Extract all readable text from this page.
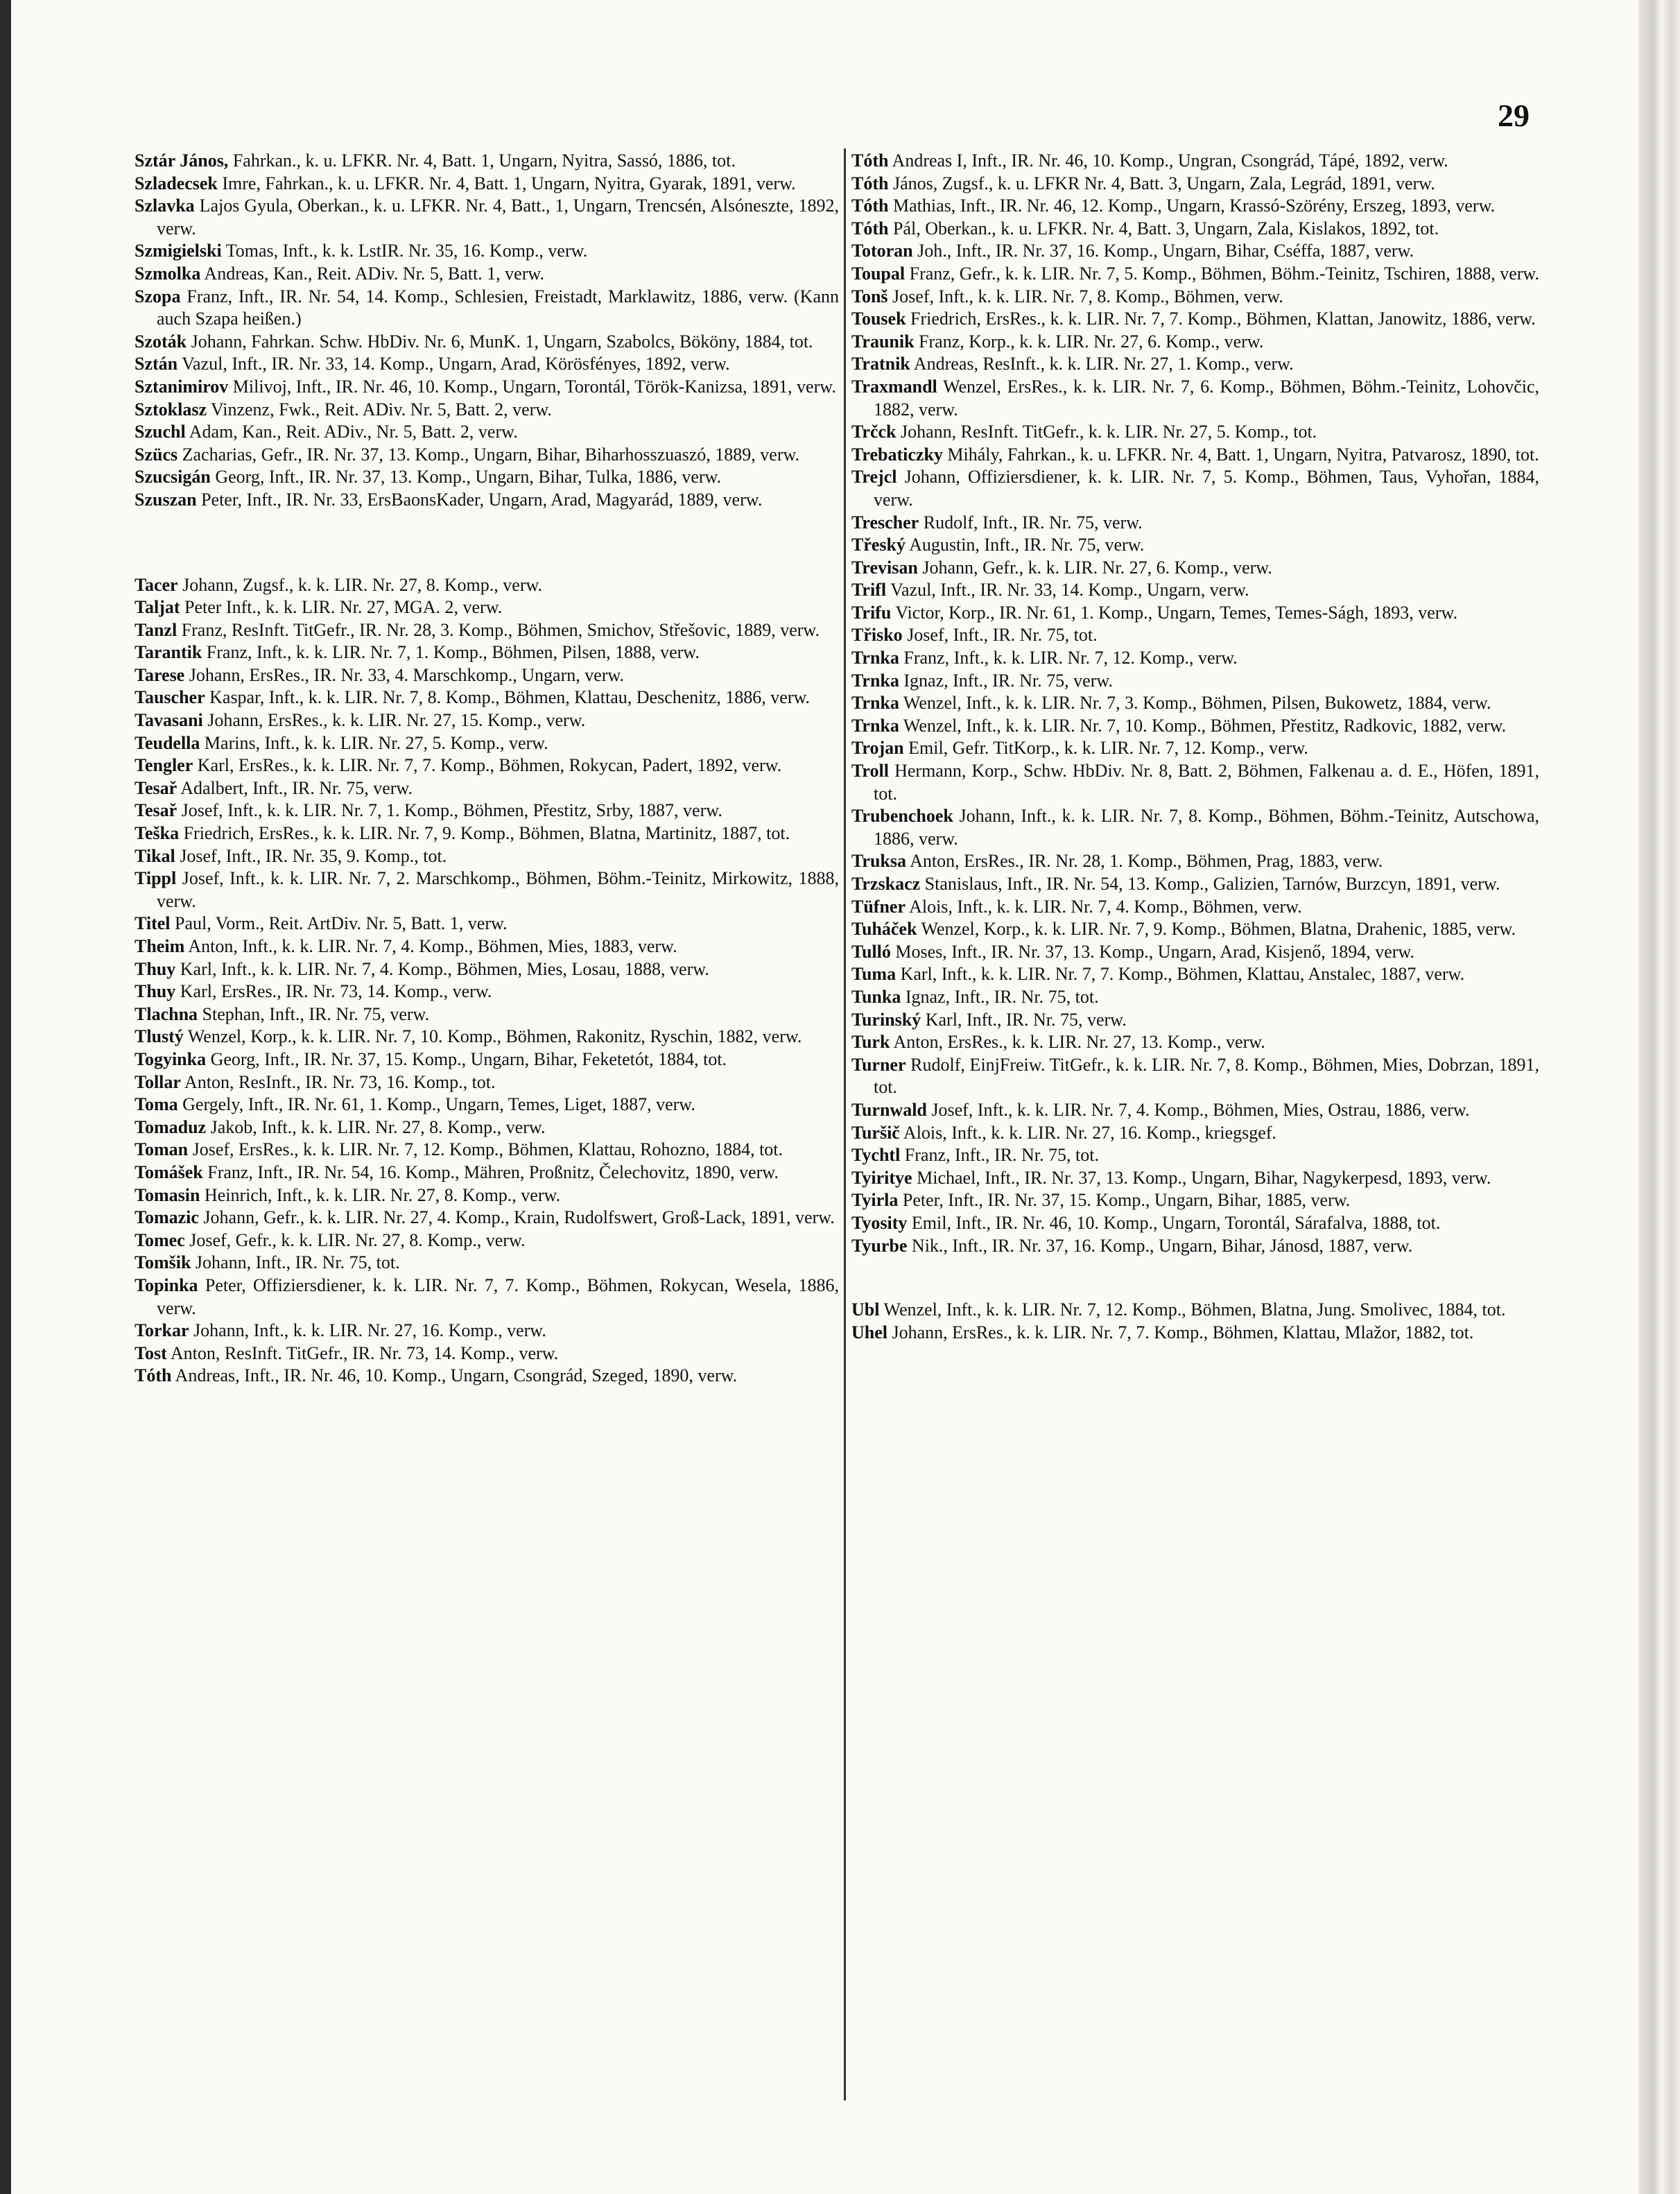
29
Sztár János, Fahrkan., k. u. LFKR. Nr. 4, Batt. 1, Ungarn, Nyitra, Sassó, 1886, tot.
Szladecsek Imre, Fahrkan., k. u. LFKR. Nr. 4, Batt. 1, Ungarn, Nyitra, Gyarak, 1891, verw.
Szlavka Lajos Gyula, Oberkan., k. u. LFKR. Nr. 4, Batt., 1, Ungarn, Trencsén, Alsóneszte, 1892, verw.
Szmigielski Tomas, Inft., k. k. LstIR. Nr. 35, 16. Komp., verw.
Szmolka Andreas, Kan., Reit. ADiv. Nr. 5, Batt. 1, verw.
Szopa Franz, Inft., IR. Nr. 54, 14. Komp., Schlesien, Freistadt, Marklawitz, 1886, verw. (Kann auch Szapa heißen.)
Szoták Johann, Fahrkan. Schw. HbDiv. Nr. 6, MunK. 1, Ungarn, Szabolcs, Bököny, 1884, tot.
Sztán Vazul, Inft., IR. Nr. 33, 14. Komp., Ungarn, Arad, Körösfényes, 1892, verw.
Sztanimirov Milivoj, Inft., IR. Nr. 46, 10. Komp., Ungarn, Torontál, Török-Kanizsa, 1891, verw.
Sztoklasz Vinzenz, Fwk., Reit. ADiv. Nr. 5, Batt. 2, verw.
Szuchl Adam, Kan., Reit. ADiv., Nr. 5, Batt. 2, verw.
Szücs Zacharias, Gefr., IR. Nr. 37, 13. Komp., Ungarn, Bihar, Biharhosszuaszó, 1889, verw.
Szucsigán Georg, Inft., IR. Nr. 37, 13. Komp., Ungarn, Bihar, Tulka, 1886, verw.
Szuszan Peter, Inft., IR. Nr. 33, ErsBaonsKader, Ungarn, Arad, Magyarád, 1889, verw.
Tacer Johann, Zugsf., k. k. LIR. Nr. 27, 8. Komp., verw.
Taljat Peter Inft., k. k. LIR. Nr. 27, MGA. 2, verw.
Tanzl Franz, ResInft. TitGefr., IR. Nr. 28, 3. Komp., Böhmen, Smichov, Střešovic, 1889, verw.
Tarantik Franz, Inft., k. k. LIR. Nr. 7, 1. Komp., Böhmen, Pilsen, 1888, verw.
Tarese Johann, ErsRes., IR. Nr. 33, 4. Marschkomp., Ungarn, verw.
Tauscher Kaspar, Inft., k. k. LIR. Nr. 7, 8. Komp., Böhmen, Klattau, Deschenitz, 1886, verw.
Tavasani Johann, ErsRes., k. k. LIR. Nr. 27, 15. Komp., verw.
Teudella Marins, Inft., k. k. LIR. Nr. 27, 5. Komp., verw.
Tengler Karl, ErsRes., k. k. LIR. Nr. 7, 7. Komp., Böhmen, Rokycan, Padert, 1892, verw.
Tesař Adalbert, Inft., IR. Nr. 75, verw.
Tesař Josef, Inft., k. k. LIR. Nr. 7, 1. Komp., Böhmen, Přestitz, Srby, 1887, verw.
Teška Friedrich, ErsRes., k. k. LIR. Nr. 7, 9. Komp., Böhmen, Blatna, Martinitz, 1887, tot.
Tikal Josef, Inft., IR. Nr. 35, 9. Komp., tot.
Tippl Josef, Inft., k. k. LIR. Nr. 7, 2. Marschkomp., Böhmen, Böhm.-Teinitz, Mirkowitz, 1888, verw.
Titel Paul, Vorm., Reit. ArtDiv. Nr. 5, Batt. 1, verw.
Theim Anton, Inft., k. k. LIR. Nr. 7, 4. Komp., Böhmen, Mies, 1883, verw.
Thuy Karl, Inft., k. k. LIR. Nr. 7, 4. Komp., Böhmen, Mies, Losau, 1888, verw.
Thuy Karl, ErsRes., IR. Nr. 73, 14. Komp., verw.
Tlachna Stephan, Inft., IR. Nr. 75, verw.
Tlustý Wenzel, Korp., k. k. LIR. Nr. 7, 10. Komp., Böhmen, Rakonitz, Ryschin, 1882, verw.
Togyinka Georg, Inft., IR. Nr. 37, 15. Komp., Ungarn, Bihar, Feketetót, 1884, tot.
Tollar Anton, ResInft., IR. Nr. 73, 16. Komp., tot.
Toma Gergely, Inft., IR. Nr. 61, 1. Komp., Ungarn, Temes, Liget, 1887, verw.
Tomaduz Jakob, Inft., k. k. LIR. Nr. 27, 8. Komp., verw.
Toman Josef, ErsRes., k. k. LIR. Nr. 7, 12. Komp., Böhmen, Klattau, Rohozno, 1884, tot.
Tomášek Franz, Inft., IR. Nr. 54, 16. Komp., Mähren, Proßnitz, Čelechovitz, 1890, verw.
Tomasin Heinrich, Inft., k. k. LIR. Nr. 27, 8. Komp., verw.
Tomazic Johann, Gefr., k. k. LIR. Nr. 27, 4. Komp., Krain, Rudolfswert, Groß-Lack, 1891, verw.
Tomec Josef, Gefr., k. k. LIR. Nr. 27, 8. Komp., verw.
Tomšik Johann, Inft., IR. Nr. 75, tot.
Topinka Peter, Offiziersdiener, k. k. LIR. Nr. 7, 7. Komp., Böhmen, Rokycan, Wesela, 1886, verw.
Torkar Johann, Inft., k. k. LIR. Nr. 27, 16. Komp., verw.
Tost Anton, ResInft. TitGefr., IR. Nr. 73, 14. Komp., verw.
Tóth Andreas, Inft., IR. Nr. 46, 10. Komp., Ungarn, Csongrád, Szeged, 1890, verw.
Tóth Andreas I, Inft., IR. Nr. 46, 10. Komp., Ungran, Csongrád, Tápé, 1892, verw.
Tóth János, Zugsf., k. u. LFKR Nr. 4, Batt. 3, Ungarn, Zala, Legrád, 1891, verw.
Tóth Mathias, Inft., IR. Nr. 46, 12. Komp., Ungarn, Krassó-Szörény, Erszeg, 1893, verw.
Tóth Pál, Oberkan., k. u. LFKR. Nr. 4, Batt. 3, Ungarn, Zala, Kislakos, 1892, tot.
Totoran Joh., Inft., IR. Nr. 37, 16. Komp., Ungarn, Bihar, Cséffa, 1887, verw.
Toupal Franz, Gefr., k. k. LIR. Nr. 7, 5. Komp., Böhmen, Böhm.-Teinitz, Tschiren, 1888, verw.
Tonš Josef, Inft., k. k. LIR. Nr. 7, 8. Komp., Böhmen, verw.
Tousek Friedrich, ErsRes., k. k. LIR. Nr. 7, 7. Komp., Böhmen, Klattan, Janowitz, 1886, verw.
Traunik Franz, Korp., k. k. LIR. Nr. 27, 6. Komp., verw.
Tratnik Andreas, ResInft., k. k. LIR. Nr. 27, 1. Komp., verw.
Traxmandl Wenzel, ErsRes., k. k. LIR. Nr. 7, 6. Komp., Böhmen, Böhm.-Teinitz, Lohovčic, 1882, verw.
Trčck Johann, ResInft. TitGefr., k. k. LIR. Nr. 27, 5. Komp., tot.
Trebaticzky Mihály, Fahrkan., k. u. LFKR. Nr. 4, Batt. 1, Ungarn, Nyitra, Patvarosz, 1890, tot.
Trejcl Johann, Offiziersdiener, k. k. LIR. Nr. 7, 5. Komp., Böhmen, Taus, Vyhořan, 1884, verw.
Trescher Rudolf, Inft., IR. Nr. 75, verw.
Třeský Augustin, Inft., IR. Nr. 75, verw.
Trevisan Johann, Gefr., k. k. LIR. Nr. 27, 6. Komp., verw.
Trifl Vazul, Inft., IR. Nr. 33, 14. Komp., Ungarn, verw.
Trifu Victor, Korp., IR. Nr. 61, 1. Komp., Ungarn, Temes, Temes-Ságh, 1893, verw.
Třisko Josef, Inft., IR. Nr. 75, tot.
Trnka Franz, Inft., k. k. LIR. Nr. 7, 12. Komp., verw.
Trnka Ignaz, Inft., IR. Nr. 75, verw.
Trnka Wenzel, Inft., k. k. LIR. Nr. 7, 3. Komp., Böhmen, Pilsen, Bukowetz, 1884, verw.
Trnka Wenzel, Inft., k. k. LIR. Nr. 7, 10. Komp., Böhmen, Přestitz, Radkovic, 1882, verw.
Trojan Emil, Gefr. TitKorp., k. k. LIR. Nr. 7, 12. Komp., verw.
Troll Hermann, Korp., Schw. HbDiv. Nr. 8, Batt. 2, Böhmen, Falkenau a. d. E., Höfen, 1891, tot.
Trubenchoek Johann, Inft., k. k. LIR. Nr. 7, 8. Komp., Böhmen, Böhm.-Teinitz, Autschowa, 1886, verw.
Truksa Anton, ErsRes., IR. Nr. 28, 1. Komp., Böhmen, Prag, 1883, verw.
Trzskacz Stanislaus, Inft., IR. Nr. 54, 13. Komp., Galizien, Tarnów, Burzcyn, 1891, verw.
Tüfner Alois, Inft., k. k. LIR. Nr. 7, 4. Komp., Böhmen, verw.
Tuháček Wenzel, Korp., k. k. LIR. Nr. 7, 9. Komp., Böhmen, Blatna, Drahenic, 1885, verw.
Tulló Moses, Inft., IR. Nr. 37, 13. Komp., Ungarn, Arad, Kisjenő, 1894, verw.
Tuma Karl, Inft., k. k. LIR. Nr. 7, 7. Komp., Böhmen, Klattau, Anstalec, 1887, verw.
Tunka Ignaz, Inft., IR. Nr. 75, tot.
Turinský Karl, Inft., IR. Nr. 75, verw.
Turk Anton, ErsRes., k. k. LIR. Nr. 27, 13. Komp., verw.
Turner Rudolf, EinjFreiw. TitGefr., k. k. LIR. Nr. 7, 8. Komp., Böhmen, Mies, Dobrzan, 1891, tot.
Turnwald Josef, Inft., k. k. LIR. Nr. 7, 4. Komp., Böhmen, Mies, Ostrau, 1886, verw.
Turšič Alois, Inft., k. k. LIR. Nr. 27, 16. Komp., kriegsgef.
Tychtl Franz, Inft., IR. Nr. 75, tot.
Tyiritye Michael, Inft., IR. Nr. 37, 13. Komp., Ungarn, Bihar, Nagykerpesd, 1893, verw.
Tyirla Peter, Inft., IR. Nr. 37, 15. Komp., Ungarn, Bihar, 1885, verw.
Tyosity Emil, Inft., IR. Nr. 46, 10. Komp., Ungarn, Torontál, Sárafalva, 1888, tot.
Tyurbe Nik., Inft., IR. Nr. 37, 16. Komp., Ungarn, Bihar, Jánosd, 1887, verw.
Ubl Wenzel, Inft., k. k. LIR. Nr. 7, 12. Komp., Böhmen, Blatna, Jung. Smolivec, 1884, tot.
Uhel Johann, ErsRes., k. k. LIR. Nr. 7, 7. Komp., Böhmen, Klattau, Mlažor, 1882, tot.
